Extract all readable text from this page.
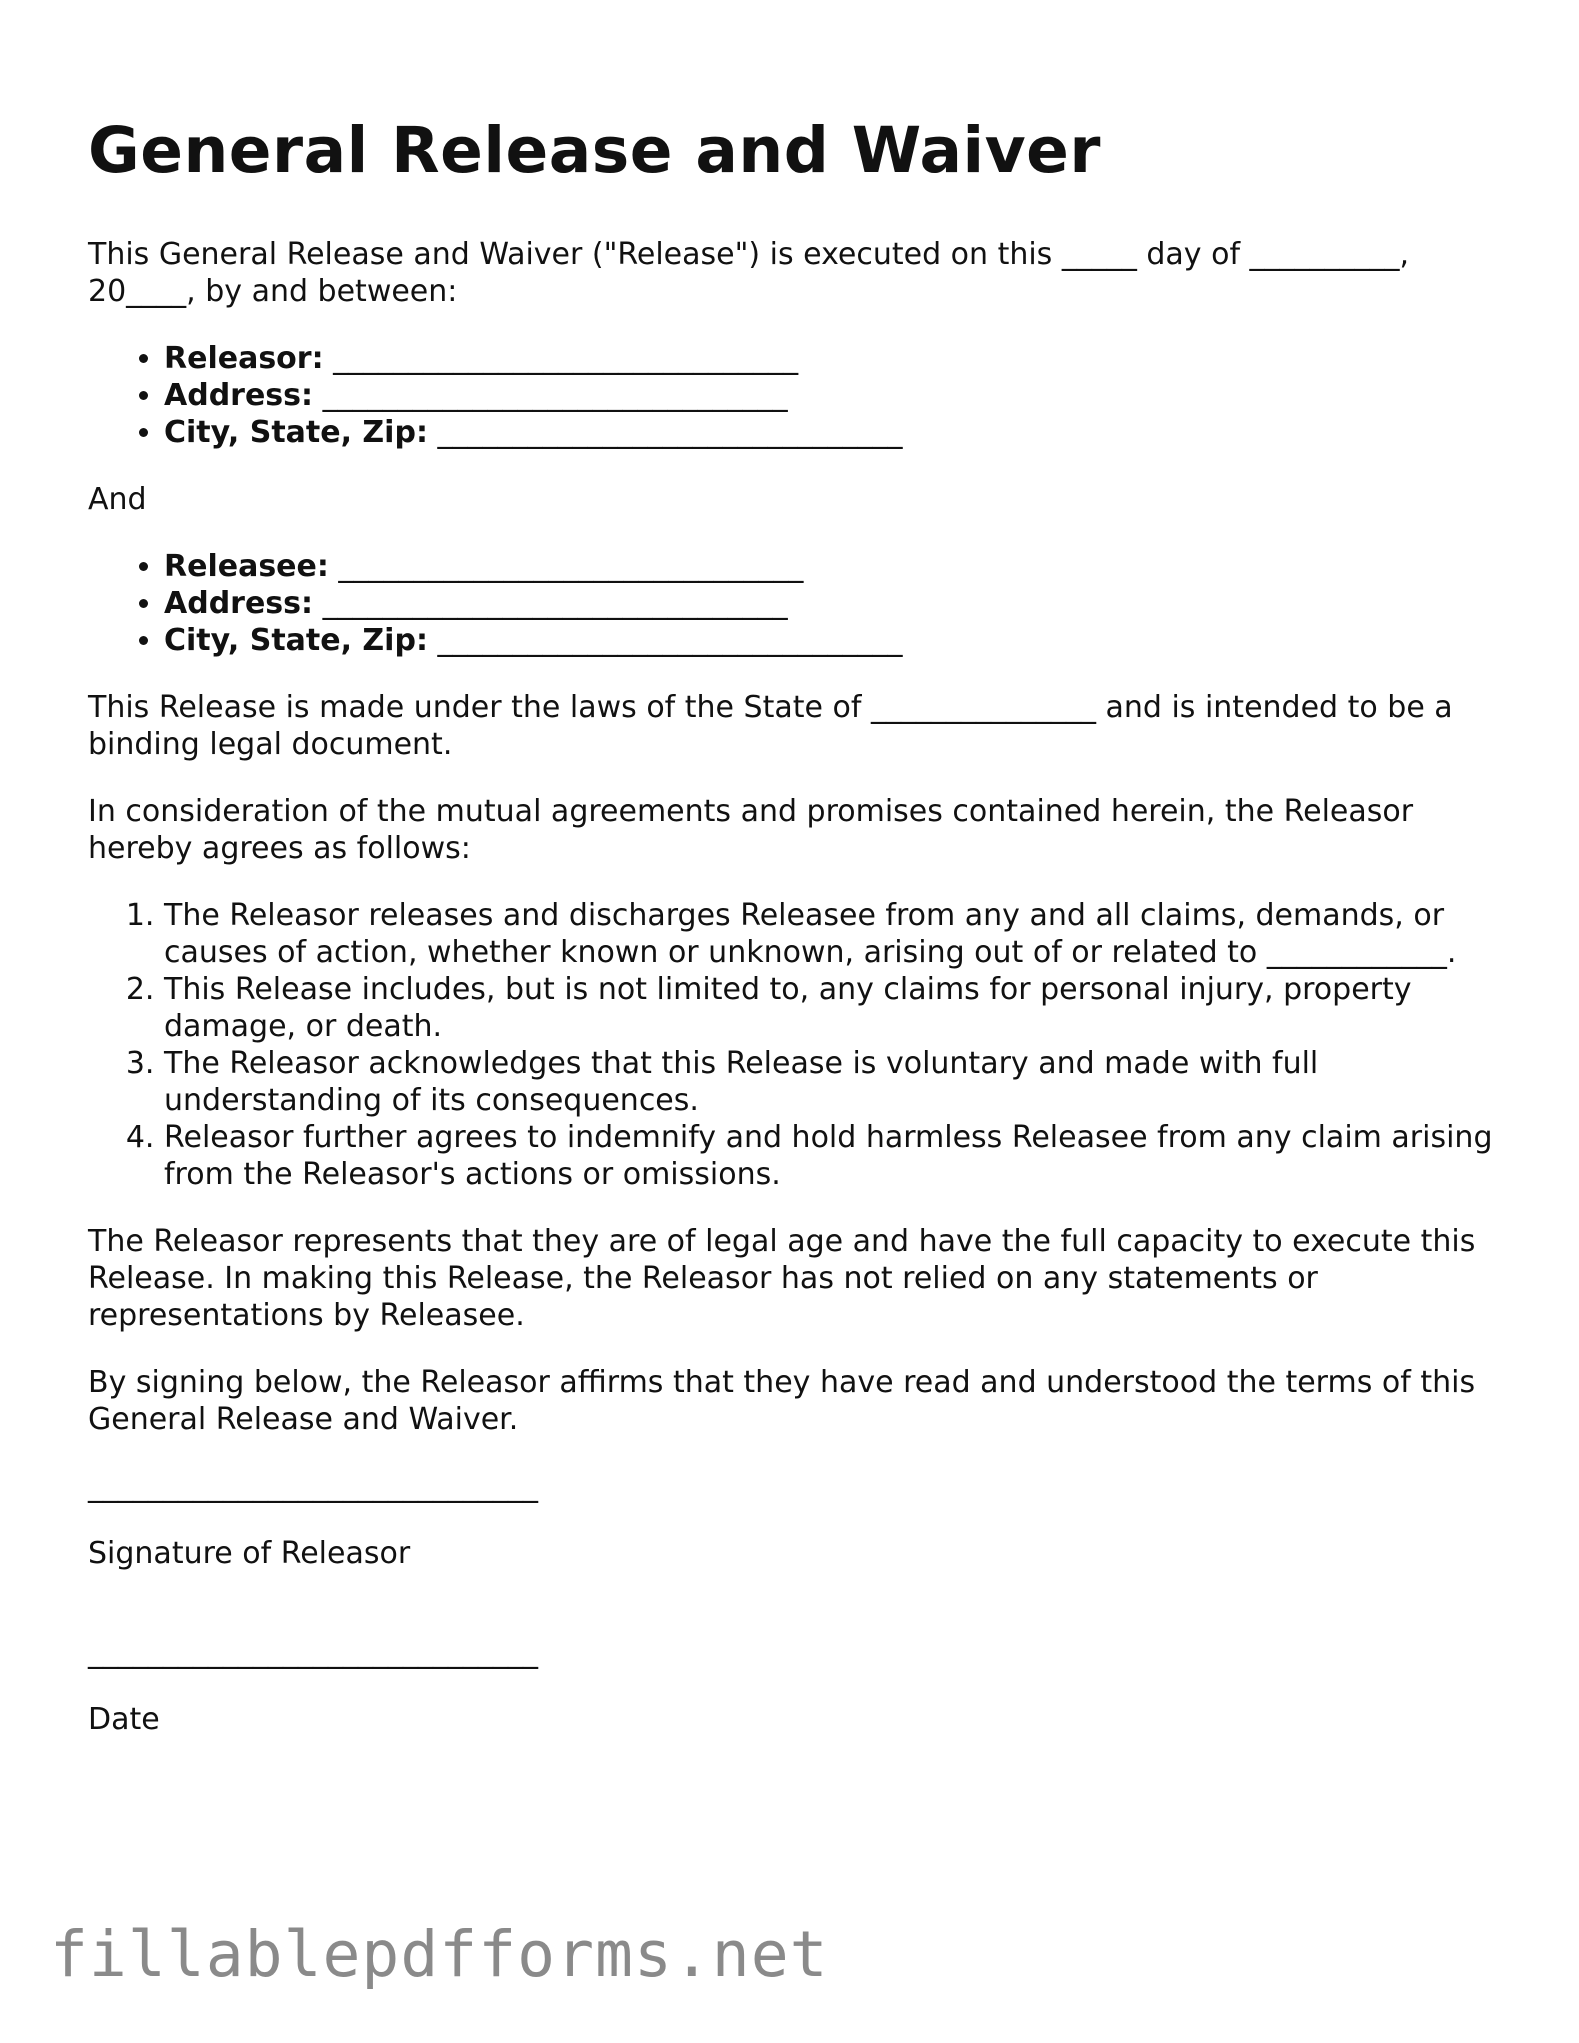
General Release and Waiver

This General Release and Waiver ("Release") is executed on this _____ day of __________, 20____, by and between:

• Releasor: _______________________________
• Address: _______________________________
• City, State, Zip: _______________________________

And

• Releasee: _______________________________
• Address: _______________________________
• City, State, Zip: _______________________________

This Release is made under the laws of the State of _______________ and is intended to be a binding legal document.

In consideration of the mutual agreements and promises contained herein, the Releasor hereby agrees as follows:

1. The Releasor releases and discharges Releasee from any and all claims, demands, or causes of action, whether known or unknown, arising out of or related to ____________.
2. This Release includes, but is not limited to, any claims for personal injury, property damage, or death.
3. The Releasor acknowledges that this Release is voluntary and made with full understanding of its consequences.
4. Releasor further agrees to indemnify and hold harmless Releasee from any claim arising from the Releasor's actions or omissions.

The Releasor represents that they are of legal age and have the full capacity to execute this Release. In making this Release, the Releasor has not relied on any statements or representations by Releasee.

By signing below, the Releasor affirms that they have read and understood the terms of this General Release and Waiver.

______________________________
Signature of Releasor
______________________________
Date
fillablepdfforms.net
